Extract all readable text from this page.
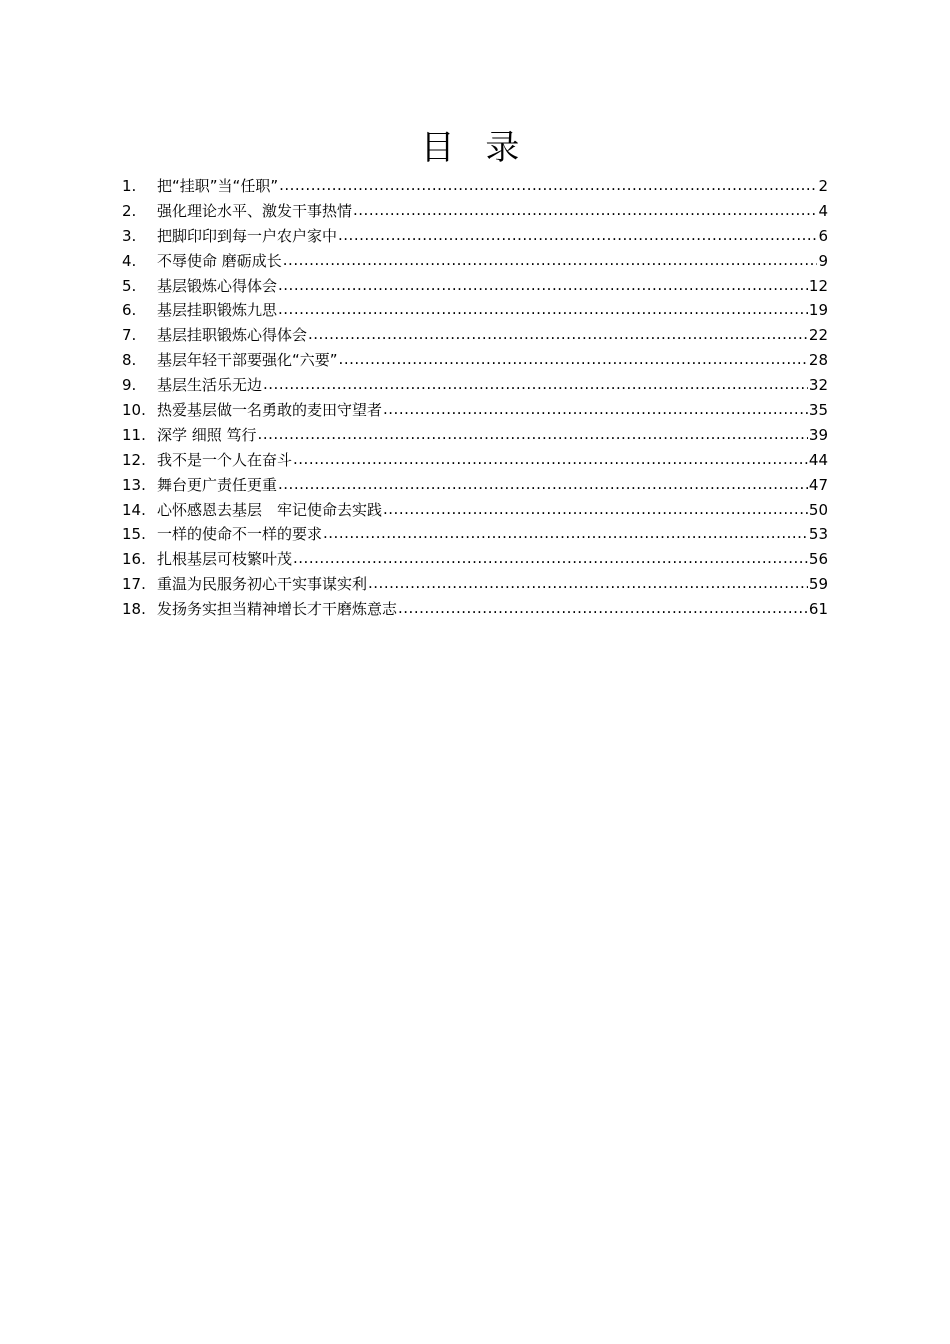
目 录
1.	把“挂职”当“任职” .....	2
2.	强化理论水平、激发干事热情 .....	4
3.	把脚印印到每一户农户家中 .....	6
4.	不辱使命 磨砺成长 .....	9
5.	基层锻炼心得体会 .....	12
6.	基层挂职锻炼九思 .....	19
7.	基层挂职锻炼心得体会 .....	22
8.	基层年轻干部要强化“六要” .....	28
9.	基层生活乐无边 .....	32
10. 热爱基层做一名勇敢的麦田守望者 .....	35
11. 深学 细照 笃行 .....	39
12. 我不是一个人在奋斗 .....	44
13. 舞台更广责任更重 .....	47
14. 心怀感恩去基层　牢记使命去实践 .....	50
15. 一样的使命不一样的要求 .....	53
16. 扎根基层可枝繁叶茂 .....	56
17. 重温为民服务初心干实事谋实利 .....	59
18. 发扬务实担当精神增长才干磨炼意志 .....	61
